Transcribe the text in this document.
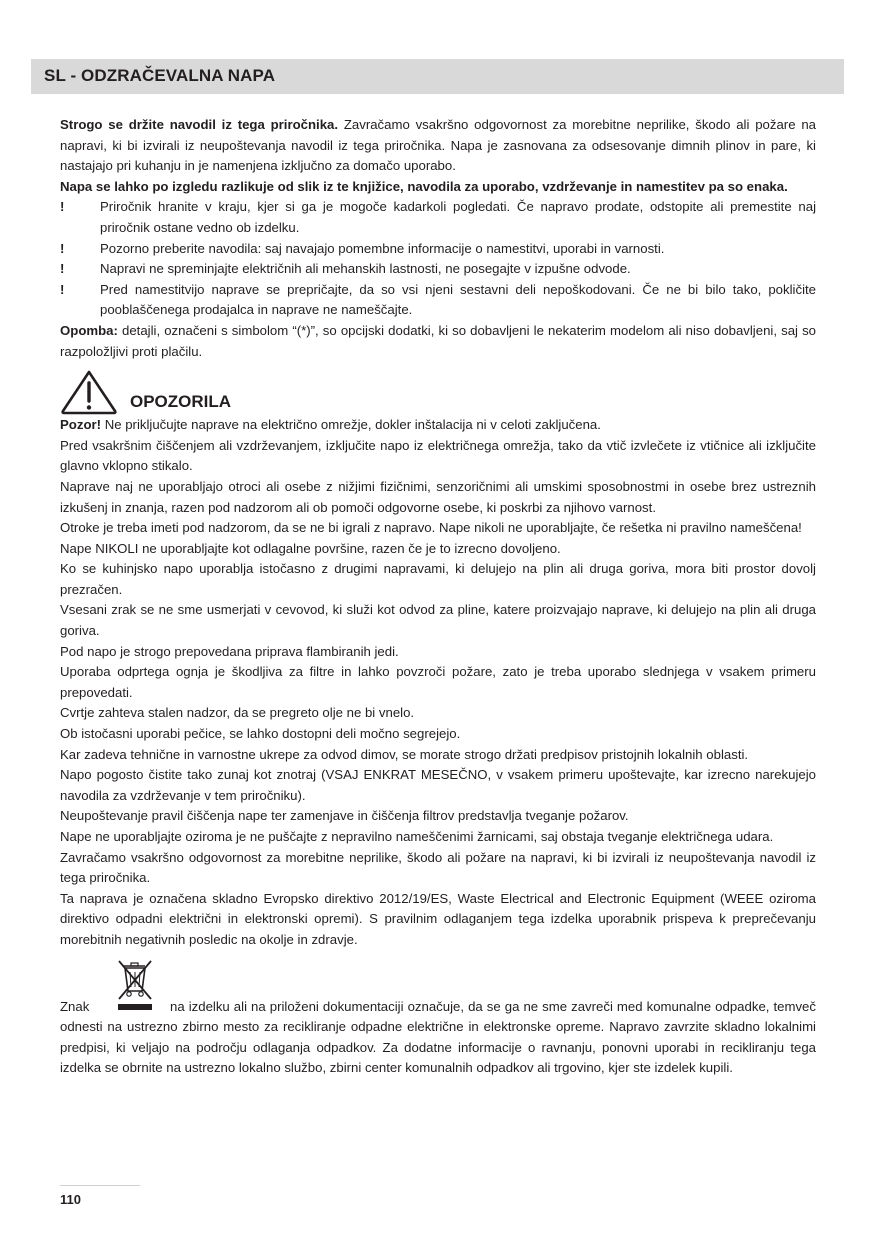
SL - ODZRAČEVALNA NAPA

Strogo se držite navodil iz tega priročnika. Zavračamo vsakršno odgovornost za morebitne neprilike, škodo ali požare na napravi, ki bi izvirali iz neupoštevanja navodil iz tega priročnika. Napa je zasnovana za odsesovanje dimnih plinov in pare, ki nastajajo pri kuhanju in je namenjena izključno za domačo uporabo.

Napa se lahko po izgledu razlikuje od slik iz te knjižice, navodila za uporabo, vzdrževanje in namestitev pa so enaka.

!	Priročnik hranite v kraju, kjer si ga je mogoče kadarkoli pogledati. Če napravo prodate, odstopite ali premestite naj priročnik ostane vedno ob izdelku.
!	Pozorno preberite navodila: saj navajajo pomembne informacije o namestitvi, uporabi in varnosti.
!	Napravi ne spreminjajte električnih ali mehanskih lastnosti, ne posegajte v izpušne odvode.
!	Pred namestitvijo naprave se prepričajte, da so vsi njeni sestavni deli nepoškodovani. Če ne bi bilo tako, pokličite pooblaščenega prodajalca in naprave ne nameščajte.

Opomba: detajli, označeni s simbolom “(*)”, so opcijski dodatki, ki so dobavljeni le nekaterim modelom ali niso dobavljeni, saj so razpoložljivi proti plačilu.

OPOZORILA

Pozor! Ne priključujte naprave na električno omrežje, dokler inštalacija ni v celoti zaključena.

Pred vsakršnim čiščenjem ali vzdrževanjem, izključite napo iz električnega omrežja, tako da vtič izvlečete iz vtičnice ali izključite glavno vklopno stikalo.

Naprave naj ne uporabljajo otroci ali osebe z nižjimi fizičnimi, senzoričnimi ali umskimi sposobnostmi in osebe brez ustreznih izkušenj in znanja, razen pod nadzorom ali ob pomoči odgovorne osebe, ki poskrbi za njihovo varnost.

Otroke je treba imeti pod nadzorom, da se ne bi igrali z napravo. Nape nikoli ne uporabljajte, če rešetka ni pravilno nameščena!

Nape NIKOLI ne uporabljajte kot odlagalne površine, razen če je to izrecno dovoljeno.

Ko se kuhinjsko napo uporablja istočasno z drugimi napravami, ki delujejo na plin ali druga goriva, mora biti prostor dovolj prezračen.

Vsesani zrak se ne sme usmerjati v cevovod, ki služi kot odvod za pline, katere proizvajajo naprave, ki delujejo na plin ali druga goriva.

Pod napo je strogo prepovedana priprava flambiranih jedi.

Uporaba odprtega ognja je škodljiva za filtre in lahko povzroči požare, zato je treba uporabo slednjega v vsakem primeru prepovedati.

Cvrtje zahteva stalen nadzor, da se pregreto olje ne bi vnelo.

Ob istočasni uporabi pečice, se lahko dostopni deli močno segrejejo.

Kar zadeva tehnične in varnostne ukrepe za odvod dimov, se morate strogo držati predpisov pristojnih lokalnih oblasti.

Napo pogosto čistite tako zunaj kot znotraj (VSAJ ENKRAT MESEČNO, v vsakem primeru upoštevajte, kar izrecno narekujejo navodila za vzdrževanje v tem priročniku).

Neupoštevanje pravil čiščenja nape ter zamenjave in čiščenja filtrov predstavlja tveganje požarov.

Nape ne uporabljajte oziroma je ne puščajte z nepravilno nameščenimi žarnicami, saj obstaja tveganje električnega udara.

Zavračamo vsakršno odgovornost za morebitne neprilike, škodo ali požare na napravi, ki bi izvirali iz neupoštevanja navodil iz tega priročnika.

Ta naprava je označena skladno Evropsko direktivo 2012/19/ES, Waste Electrical and Electronic Equipment (WEEE oziroma direktivo odpadni električni in elektronski opremi). S pravilnim odlaganjem tega izdelka uporabnik prispeva k preprečevanju morebitnih negativnih posledic na okolje in zdravje.

Znak	na izdelku ali na priloženi dokumentaciji označuje, da se ga ne sme zavreči med komunalne odpadke, temveč odnesti na ustrezno zbirno mesto za recikliranje odpadne električne in elektronske opreme. Napravo zavrzite skladno lokalnimi predpisi, ki veljajo na področju odlaganja odpadkov. Za dodatne informacije o ravnanju, ponovni uporabi in recikliranju tega izdelka se obrnite na ustrezno lokalno službo, zbirni center komunalnih odpadkov ali trgovino, kjer ste izdelek kupili.
110
